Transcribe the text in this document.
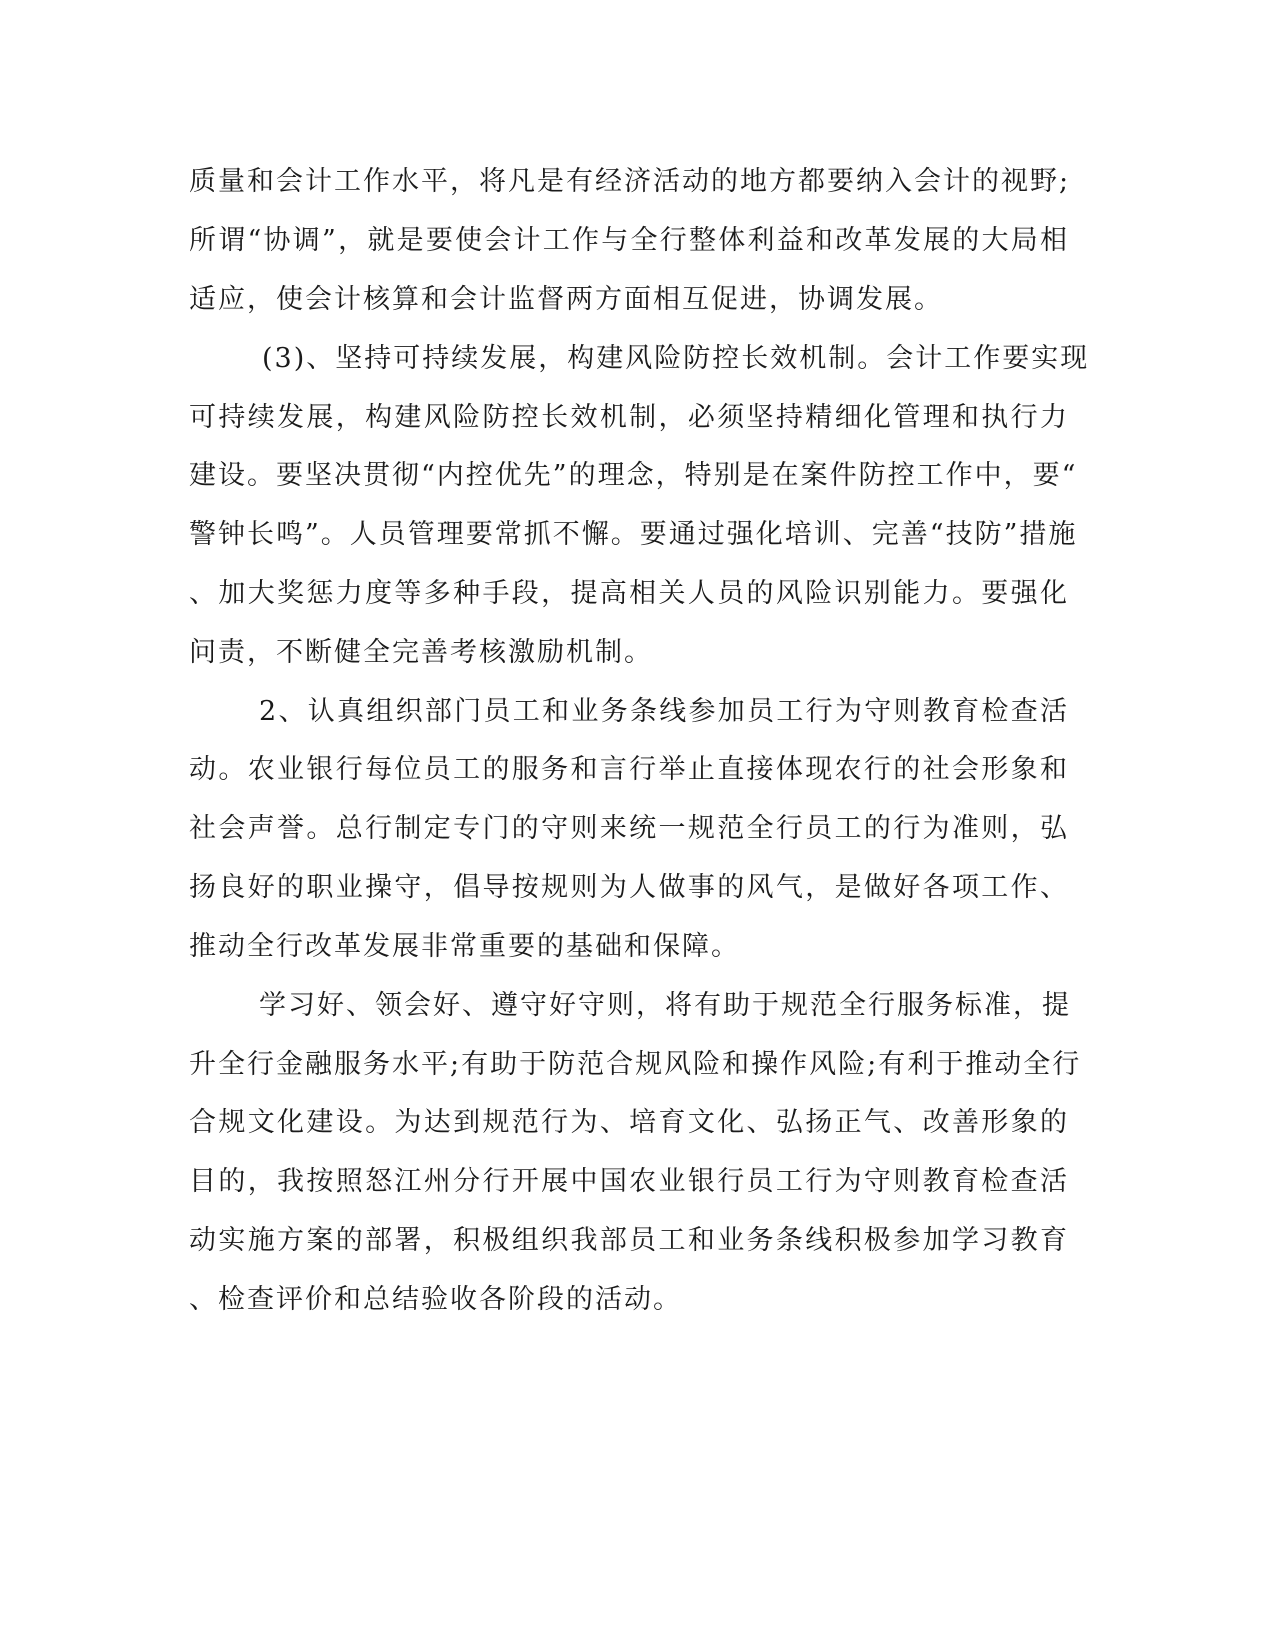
质量和会计工作水平，将凡是有经济活动的地方都要纳入会计的视野;
所谓“协调”，就是要使会计工作与全行整体利益和改革发展的大局相
适应，使会计核算和会计监督两方面相互促进，协调发展。
(3)、坚持可持续发展，构建风险防控长效机制。会计工作要实现
可持续发展，构建风险防控长效机制，必须坚持精细化管理和执行力
建设。要坚决贯彻“内控优先”的理念，特别是在案件防控工作中，要“
警钟长鸣”。人员管理要常抓不懈。要通过强化培训、完善“技防”措施
、加大奖惩力度等多种手段，提高相关人员的风险识别能力。要强化
问责，不断健全完善考核激励机制。
2、认真组织部门员工和业务条线参加员工行为守则教育检查活
动。农业银行每位员工的服务和言行举止直接体现农行的社会形象和
社会声誉。总行制定专门的守则来统一规范全行员工的行为准则，弘
扬良好的职业操守，倡导按规则为人做事的风气，是做好各项工作、
推动全行改革发展非常重要的基础和保障。
学习好、领会好、遵守好守则，将有助于规范全行服务标准，提
升全行金融服务水平;有助于防范合规风险和操作风险;有利于推动全行
合规文化建设。为达到规范行为、培育文化、弘扬正气、改善形象的
目的，我按照怒江州分行开展中国农业银行员工行为守则教育检查活
动实施方案的部署，积极组织我部员工和业务条线积极参加学习教育
、检查评价和总结验收各阶段的活动。
